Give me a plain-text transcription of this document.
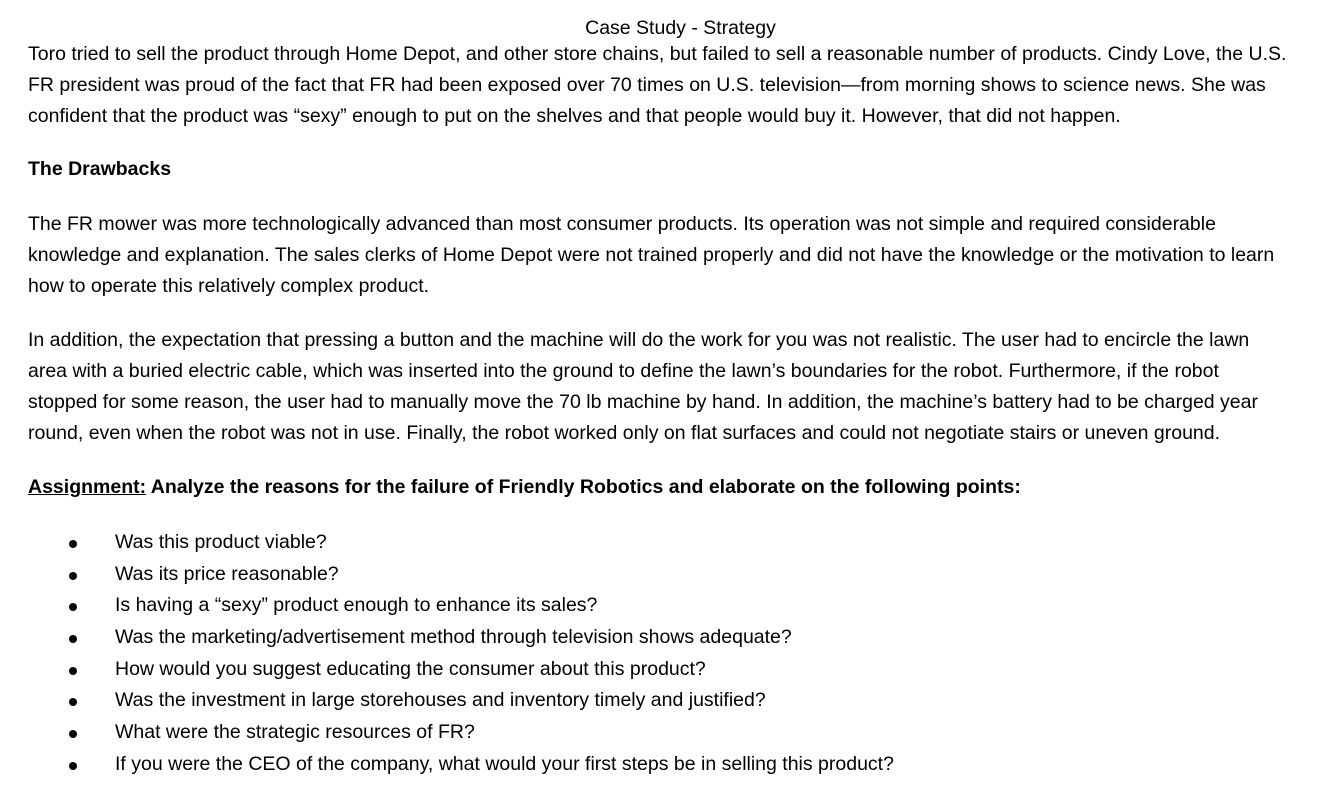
Case Study - Strategy

Toro tried to sell the product through Home Depot, and other store chains, but failed to sell a reasonable number of products. Cindy Love, the U.S.

FR president was proud of the fact that FR had been exposed over 70 times on U.S. television—from morning shows to science news. She was

confident that the product was “sexy” enough to put on the shelves and that people would buy it. However, that did not happen.

The Drawbacks

The FR mower was more technologically advanced than most consumer products. Its operation was not simple and required considerable

knowledge and explanation. The sales clerks of Home Depot were not trained properly and did not have the knowledge or the motivation to learn

how to operate this relatively complex product.

In addition, the expectation that pressing a button and the machine will do the work for you was not realistic. The user had to encircle the lawn

area with a buried electric cable, which was inserted into the ground to define the lawn’s boundaries for the robot. Furthermore, if the robot

stopped for some reason, the user had to manually move the 70 lb machine by hand. In addition, the machine’s battery had to be charged year

round, even when the robot was not in use. Finally, the robot worked only on flat surfaces and could not negotiate stairs or uneven ground.

Assignment: Analyze the reasons for the failure of Friendly Robotics and elaborate on the following points:
Was this product viable?
Was its price reasonable?
Is having a “sexy” product enough to enhance its sales?
Was the marketing/advertisement method through television shows adequate?
How would you suggest educating the consumer about this product?
Was the investment in large storehouses and inventory timely and justified?
What were the strategic resources of FR?
If you were the CEO of the company, what would your first steps be in selling this product?
